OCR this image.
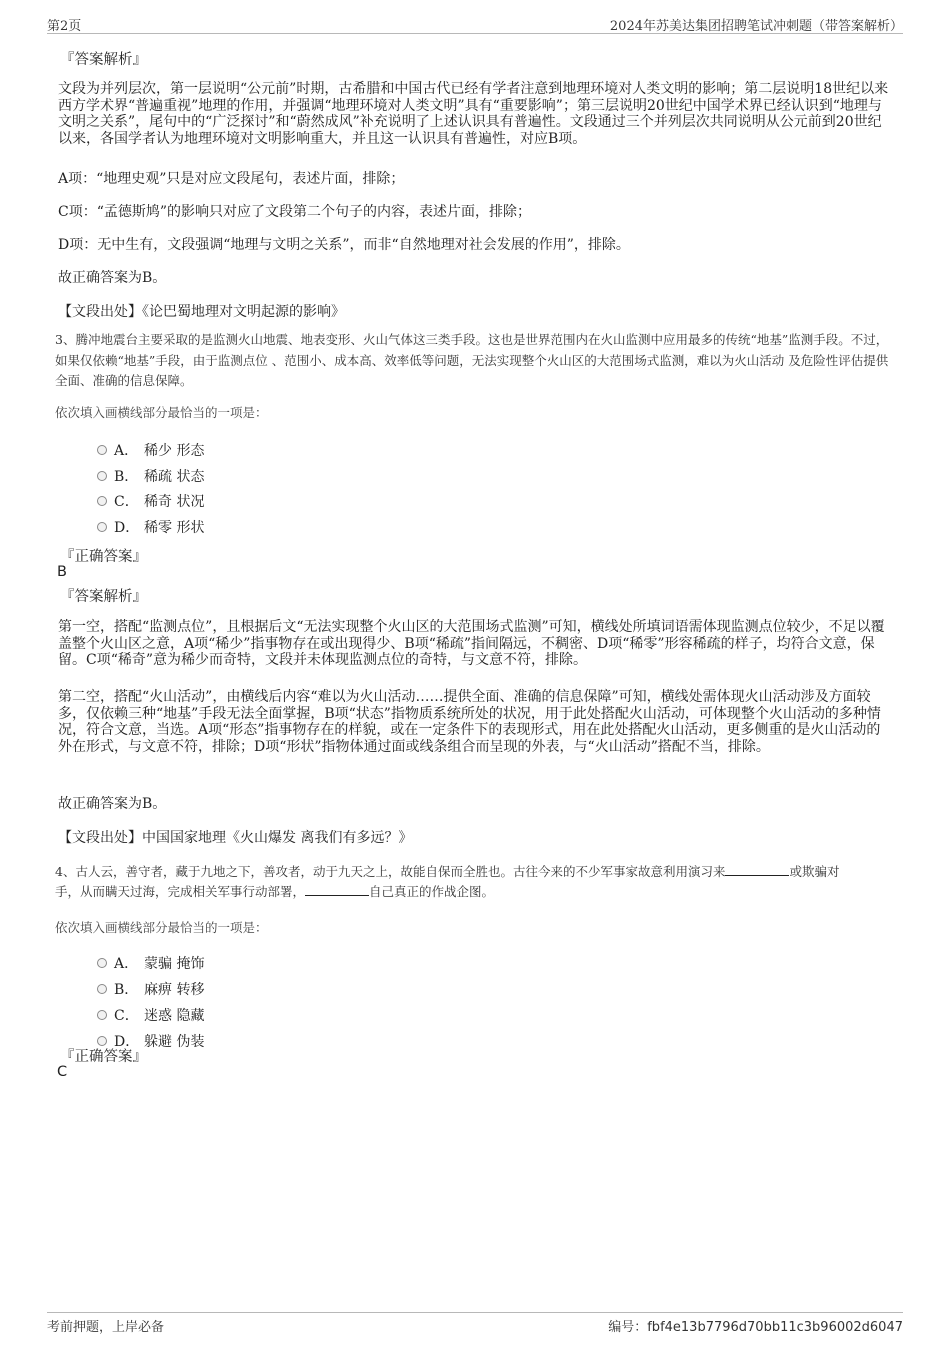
第2页	2024年苏美达集团招聘笔试冲刺题（带答案解析）
『答案解析』
文段为并列层次，第一层说明“公元前”时期，古希腊和中国古代已经有学者注意到地理环境对人类文明的影响；第二层说明18世纪以来西方学术界“普遍重视”地理的作用，并强调“地理环境对人类文明”具有“重要影响”；第三层说明20世纪中国学术界已经认识到“地理与文明之关系”，尾句中的“广泛探讨”和“蔚然成风”补充说明了上述认识具有普遍性。文段通过三个并列层次共同说明从公元前到20世纪以来，各国学者认为地理环境对文明影响重大，并且这一认识具有普遍性，对应B项。
A项：“地理史观”只是对应文段尾句，表述片面，排除；
C项：“孟德斯鸠”的影响只对应了文段第二个句子的内容，表述片面，排除；
D项：无中生有，文段强调“地理与文明之关系”，而非“自然地理对社会发展的作用”，排除。
故正确答案为B。
【文段出处】《论巴蜀地理对文明起源的影响》
3、腾冲地震台主要采取的是监测火山地震、地表变形、火山气体这三类手段。这也是世界范围内在火山监测中应用最多的传统“地基”监测手段。不过，如果仅依赖“地基”手段，由于监测点位 、范围小、成本高、效率低等问题，无法实现整个火山区的大范围场式监测，难以为火山活动 及危险性评估提供全面、准确的信息保障。
依次填入画横线部分最恰当的一项是：
A． 稀少 形态
B． 稀疏 状态
C． 稀奇 状况
D． 稀零 形状
『正确答案』
B
『答案解析』
第一空，搭配“监测点位”，且根据后文“无法实现整个火山区的大范围场式监测”可知，横线处所填词语需体现监测点位较少，不足以覆盖整个火山区之意，A项“稀少”指事物存在或出现得少、B项“稀疏”指间隔远，不稠密、D项“稀零”形容稀疏的样子，均符合文意，保留。C项“稀奇”意为稀少而奇特，文段并未体现监测点位的奇特，与文意不符，排除。
第二空，搭配“火山活动”，由横线后内容“难以为火山活动……提供全面、准确的信息保障”可知，横线处需体现火山活动涉及方面较多，仅依赖三种“地基”手段无法全面掌握，B项“状态”指物质系统所处的状况，用于此处搭配火山活动，可体现整个火山活动的多种情况，符合文意，当选。A项“形态”指事物存在的样貌，或在一定条件下的表现形式，用在此处搭配火山活动，更多侧重的是火山活动的外在形式，与文意不符，排除；D项“形状”指物体通过面或线条组合而呈现的外表，与“火山活动”搭配不当，排除。
故正确答案为B。
【文段出处】中国国家地理《火山爆发 离我们有多远？》
4、古人云，善守者，藏于九地之下，善攻者，动于九天之上，故能自保而全胜也。古往今来的不少军事家故意利用演习来	或欺骗对
手，从而瞒天过海，完成相关军事行动部署，	自己真正的作战企图。
依次填入画横线部分最恰当的一项是：
A． 蒙骗 掩饰
B． 麻痹 转移
C． 迷惑 隐藏
D． 躲避 伪装
『正确答案』
C
考前押题，上岸必备	编号：fbf4e13b7796d70bb11c3b96002d6047
